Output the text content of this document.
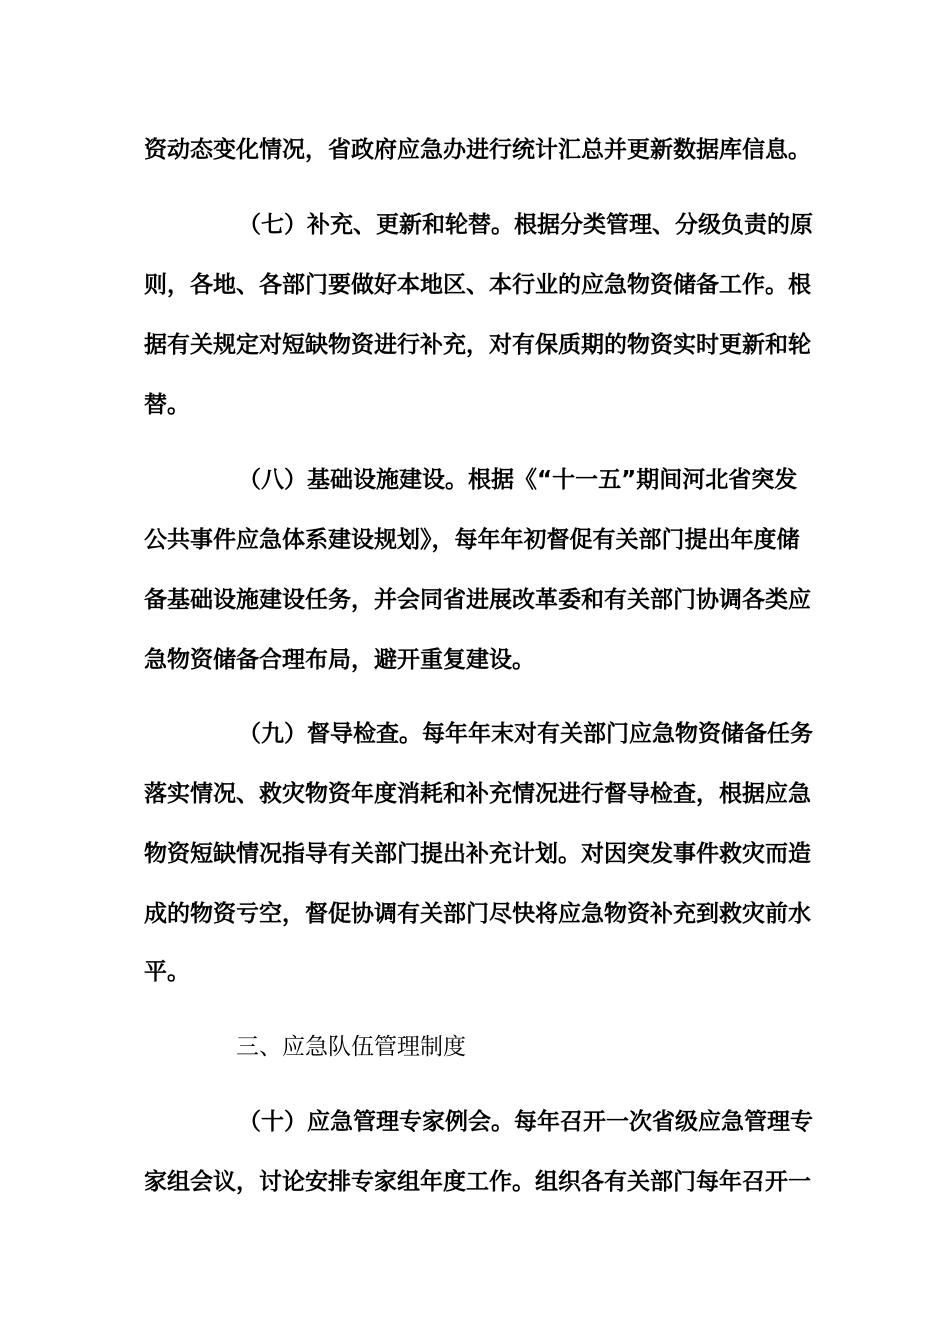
资动态变化情况，省政府应急办进行统计汇总并更新数据库信息。
（七）补充、更新和轮替。根据分类管理、分级负责的原
则，各地、各部门要做好本地区、本行业的应急物资储备工作。根
据有关规定对短缺物资进行补充，对有保质期的物资实时更新和轮
替。
（八）基础设施建设。根据《“十一五”期间河北省突发
公共事件应急体系建设规划》，每年年初督促有关部门提出年度储
备基础设施建设任务，并会同省进展改革委和有关部门协调各类应
急物资储备合理布局，避开重复建设。
（九）督导检查。每年年末对有关部门应急物资储备任务
落实情况、救灾物资年度消耗和补充情况进行督导检查，根据应急
物资短缺情况指导有关部门提出补充计划。对因突发事件救灾而造
成的物资亏空，督促协调有关部门尽快将应急物资补充到救灾前水
平。
三、应急队伍管理制度
（十）应急管理专家例会。每年召开一次省级应急管理专
家组会议，讨论安排专家组年度工作。组织各有关部门每年召开一
